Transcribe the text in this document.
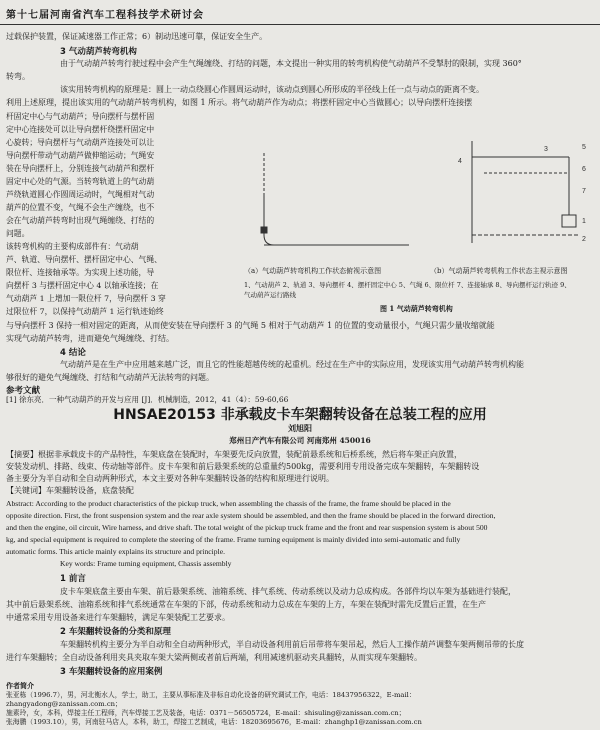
第十七届河南省汽车工程科技学术研讨会
过载保护装置，保证减速器工作正常；6）制动迅速可靠，保证安全生产。
3 气动葫芦转弯机构
由于气动葫芦转弯行驶过程中会产生气绳缠绕、打结的问题，本文提出一种实用的转弯机构使气动葫芦不受掣肘的限制，实现 360°
转弯。
该实用转弯机构的原理是：圆上一动点绕圆心作圆周运动时，该动点到圆心所形成的半径线上任一点与动点的距离不变。
利用上述原理，提出该实用的气动葫芦转弯机构，如图 1 所示。将气动葫芦作为动点；将摆杆固定中心当做圆心；以导向摆杆连接摆
杆固定中心与气动葫芦；导向摆杆与摆杆固
定中心连接处可以让导向摆杆绕摆杆固定中
心旋转；导向摆杆与气动葫芦连接处可以让
导向摆杆带动气动葫芦做伸缩运动；气绳安
装在导向摆杆上，分别连接气动葫芦和摆杆
固定中心处的气源。当转弯轨道上的气动葫
芦绕轨道圆心作圆周运动时，气绳相对气动
葫芦的位置不变，气绳不会生产缠绕，也不
会在气动葫芦转弯时出现气绳缠绕、打结的
问题。
该转弯机构的主要构成部件有：气动葫
芦、轨道、导向摆杆、摆杆固定中心、气绳、
限位杆、连接轴承等。为实现上述功能，导
向摆杆 3 与摆杆固定中心 4 以轴承连接；在
气动葫芦 1 上增加一限位杆 7，导向摆杆 3 穿
过限位杆 7，以保持气动葫芦 1 运行轨迹始终
4
5
6
7
1
2
3
（a）气动葫芦转弯机构工作状态俯视示意图	（b）气动葫芦转弯机构工作状态主视示意图
1、气动葫芦 2、轨道 3、导向摆杆 4、摆杆固定中心 5、气绳 6、限位杆 7、连接轴承 8、导向摆杆运行轨迹 9、
气动葫芦运行路线
图 1 气动葫芦转弯机构
与导向摆杆 3 保持一相对固定的距离，从而使安装在导向摆杆 3 的气绳 5 相对于气动葫芦 1 的位置的变动量很小，气绳只需少量收缩就能
实现气动葫芦转弯，进而避免气绳缠绕、打结。
4 结论
气动葫芦是在生产中应用越来越广泛，而且它的性能超越传统的起重机。经过在生产中的实际应用，发现该实用气动葫芦转弯机构能
够很好的避免气绳缠绕、打结和气动葫芦无法转弯的问题。
参考文献
[1] 徐东亮．一种气动葫芦的开发与应用 [J]．机械制造，2012，41（4）：59-60,66
HNSAE20153 非承载皮卡车架翻转设备在总装工程的应用
刘旭阳
郑州日产汽车有限公司 河南郑州 450016
【摘要】根据非承载皮卡的产品特性，车架底盘在装配时，车架要先反向放置，装配前悬系统和后桥系统，然后将车架正向放置，
安装发动机、排路、线束、传动轴等部件。皮卡车架和前后悬架系统的总重量约500kg，需要利用专用设备完成车架翻转，车架翻转设
备主要分为半自动和全自动两种形式，本文主要对各种车架翻转设备的结构和原理进行说明。
【关键词】车架翻转设备，底盘装配
Abstract: According to the product characteristics of the pickup truck, when assembling the chassis of the frame, the frame should be placed in the
opposite direction. First, the front suspension system and the rear axle system should be assembled, and then the frame should be placed in the forward direction,
and then the engine, oil circuit, Wire harness, and drive shaft. The total weight of the pickup truck frame and the front and rear suspension system is about 500
kg, and special equipment is required to complete the steering of the frame. Frame turning equipment is mainly divided into semi-automatic and fully
automatic forms. This article mainly explains its structure and principle.
Key words: Frame turning equipment, Chassis assembly
1 前言
皮卡车架底盘主要由车架、前后悬架系统、油箱系统、排气系统、传动系统以及动力总成构成。各部件均以车架为基础进行装配，
其中前后悬架系统、油箱系统和排气系统通常在车架的下部，传动系统和动力总成在车架的上方，车架在装配时需先反置后正置，在生产
中通常采用专用设备来进行车架翻转，满足车架装配工艺要求。
2 车架翻转设备的分类和原理
车架翻转机构主要分为半自动和全自动两种形式，半自动设备利用前后吊带将车架吊起，然后人工操作葫芦调整车架两侧吊带的长度
进行车架翻转；全自动设备利用夹具夹取车架大梁两侧或者前后两端，利用减速机驱动夹具翻转，从而实现车架翻转。
3 车架翻转设备的应用案例
作者简介
张亚栋（1996.7），男，河北衡水人，学士，助工，主要从事标准及非标自动化设备的研究调试工作，电话：18437956322，E-mail：
zhangyadong@zanissan.com.cn；
施素玲，女，本科，焊接主任工程师，汽车焊接工艺及装备，电话：0371－56505724，E-mail：shisuling@zanissan.com.cn；
张海鹏（1993.10），男，河南驻马店人，本科，助工，焊接工艺制成，电话：18203695676，E-mail：zhanghp1@zanissan.com.cn
